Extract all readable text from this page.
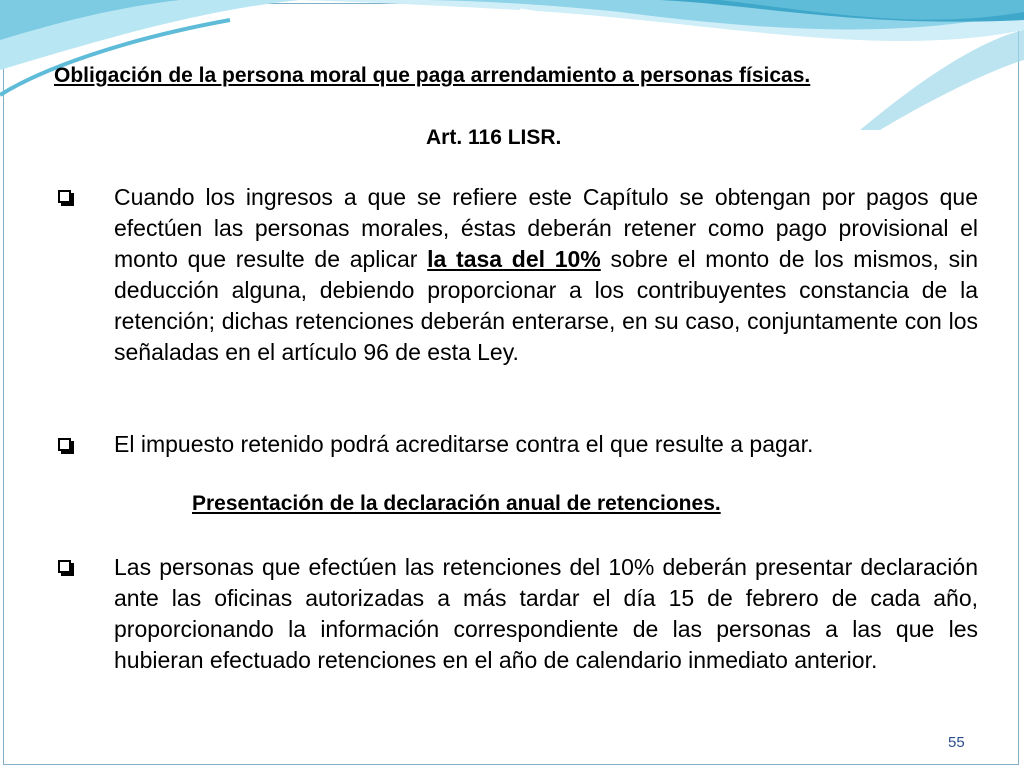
Obligación de la persona moral que paga arrendamiento a personas físicas.
Art. 116 LISR.
Cuando los ingresos a que se refiere este Capítulo se obtengan por pagos que efectúen las personas morales, éstas deberán retener como pago provisional el monto que resulte de aplicar la tasa del 10% sobre el monto de los mismos, sin deducción alguna, debiendo proporcionar a los contribuyentes constancia de la retención; dichas retenciones deberán enterarse, en su caso, conjuntamente con los señaladas en el artículo 96 de esta Ley.
El impuesto retenido podrá acreditarse contra el que resulte a pagar.
Presentación de la declaración anual de retenciones.
Las personas que efectúen las retenciones del 10% deberán presentar declaración ante las oficinas autorizadas a más tardar el día 15 de febrero de cada año, proporcionando la información correspondiente de las personas a las que les hubieran efectuado retenciones en el año de calendario inmediato anterior.
55
